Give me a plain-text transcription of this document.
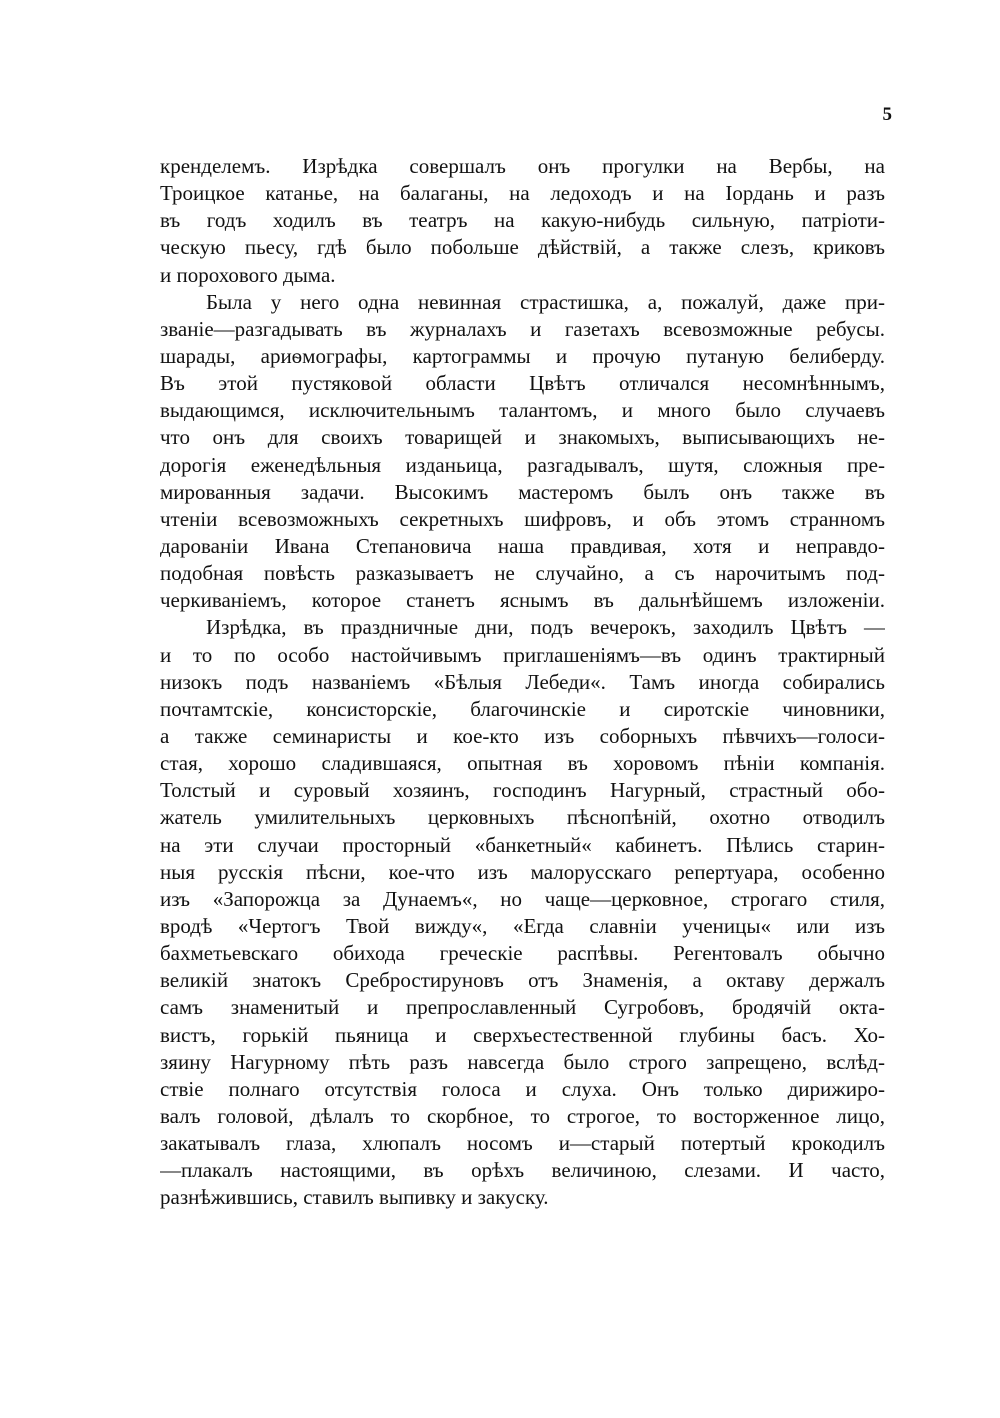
5
кренделемъ. Изрѣдка совершалъ онъ прогулки на Вербы, на
Троицкое катанье, на балаганы, на ледоходъ и на Іордань и разъ
въ годъ ходилъ въ театръ на какую-нибудь сильную, патріоти-
ческую пьесу, гдѣ было побольше дѣйствій, а также слезъ, криковъ
и порохового дыма.
Была у него одна невинная страстишка, а, пожалуй, даже при-
званіе—разгадывать въ журналахъ и газетахъ всевозможные ребусы.
шарады, ариѳмографы, картограммы и прочую путаную белиберду.
Въ этой пустяковой области Цвѣтъ отличался несомнѣннымъ,
выдающимся, исключительнымъ талантомъ, и много было случаевъ
что онъ для своихъ товарищей и знакомыхъ, выписывающихъ не-
дорогія еженедѣльныя изданьица, разгадывалъ, шутя, сложныя пре-
мированныя задачи. Высокимъ мастеромъ былъ онъ также въ
чтеніи всевозможныхъ секретныхъ шифровъ, и объ этомъ странномъ
дарованіи Ивана Степановича наша правдивая, хотя и неправдо-
подобная повѣсть разказываетъ не случайно, а съ нарочитымъ под-
черкиваніемъ, которое станетъ яснымъ въ дальнѣйшемъ изложеніи.
Изрѣдка, въ праздничные дни, подъ вечерокъ, заходилъ Цвѣтъ —
и то по особо настойчивымъ приглашеніямъ—въ одинъ трактирный
низокъ подъ названіемъ «Бѣлыя Лебеди«. Тамъ иногда собирались
почтамтскіе, консисторскіе, благочинскіе и сиротскіе чиновники,
а также семинаристы и кое-кто изъ соборныхъ пѣвчихъ—голоси-
стая, хорошо сладившаяся, опытная въ хоровомъ пѣніи компанія.
Толстый и суровый хозяинъ, господинъ Нагурный, страстный обо-
жатель умилительныхъ церковныхъ пѣснопѣній, охотно отводилъ
на эти случаи просторный «банкетный« кабинетъ. Пѣлись старин-
ныя русскія пѣсни, кое-что изъ малорусскаго репертуара, особенно
изъ «Запорожца за Дунаемъ«, но чаще—церковное, строгаго стиля,
вродѣ «Чертогъ Твой вижду«, «Егда славніи ученицы« или изъ
бахметьевскаго обихода греческіе распѣвы. Регентовалъ обычно
великій знатокъ Сребростируновъ отъ Знаменія, а октаву держалъ
самъ знаменитый и препрославленный Сугробовъ, бродячій окта-
вистъ, горькій пьяница и сверхъестественной глубины басъ. Хо-
зяину Нагурному пѣть разъ навсегда было строго запрещено, вслѣд-
ствіе полнаго отсутствія голоса и слуха. Онъ только дирижиро-
валъ головой, дѣлалъ то скорбное, то строгое, то восторженное лицо,
закатывалъ глаза, хлюпалъ носомъ и—старый потертый крокодилъ
—плакалъ настоящими, въ орѣхъ величиною, слезами. И часто,
разнѣжившись, ставилъ выпивку и закуску.
